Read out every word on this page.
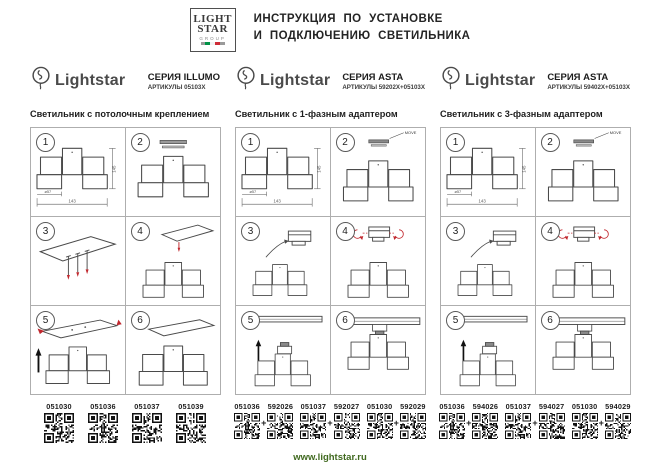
LIGHT
STAR
GROUP
ИНСТРУКЦИЯ ПО УСТАНОВКЕ
И ПОДКЛЮЧЕНИЮ СВЕТИЛЬНИКА
Lightstar СЕРИЯ ILLUMO
АРТИКУЛЫ 05103X
Светильник с потолочным креплением
1
143
ø57
145
2
3	4
5	6
051030	051036	051037	051039
Lightstar СЕРИЯ ASTA
АРТИКУЛЫ 59202X+05103X
Светильник с 1-фазным адаптером
1
143
ø57
145
2
MOVE
3	4
5	6
051036
+
592026 051037
+
592027 051030
+
592029
Lightstar СЕРИЯ ASTA
АРТИКУЛЫ 59402X+05103X
Светильник с 3-фазным адаптером
1
143
ø57
145
2
MOVE
3	4
5	6
051036
+
594026 051037
+
594027 051030
+
594029
www.lightstar.ru
